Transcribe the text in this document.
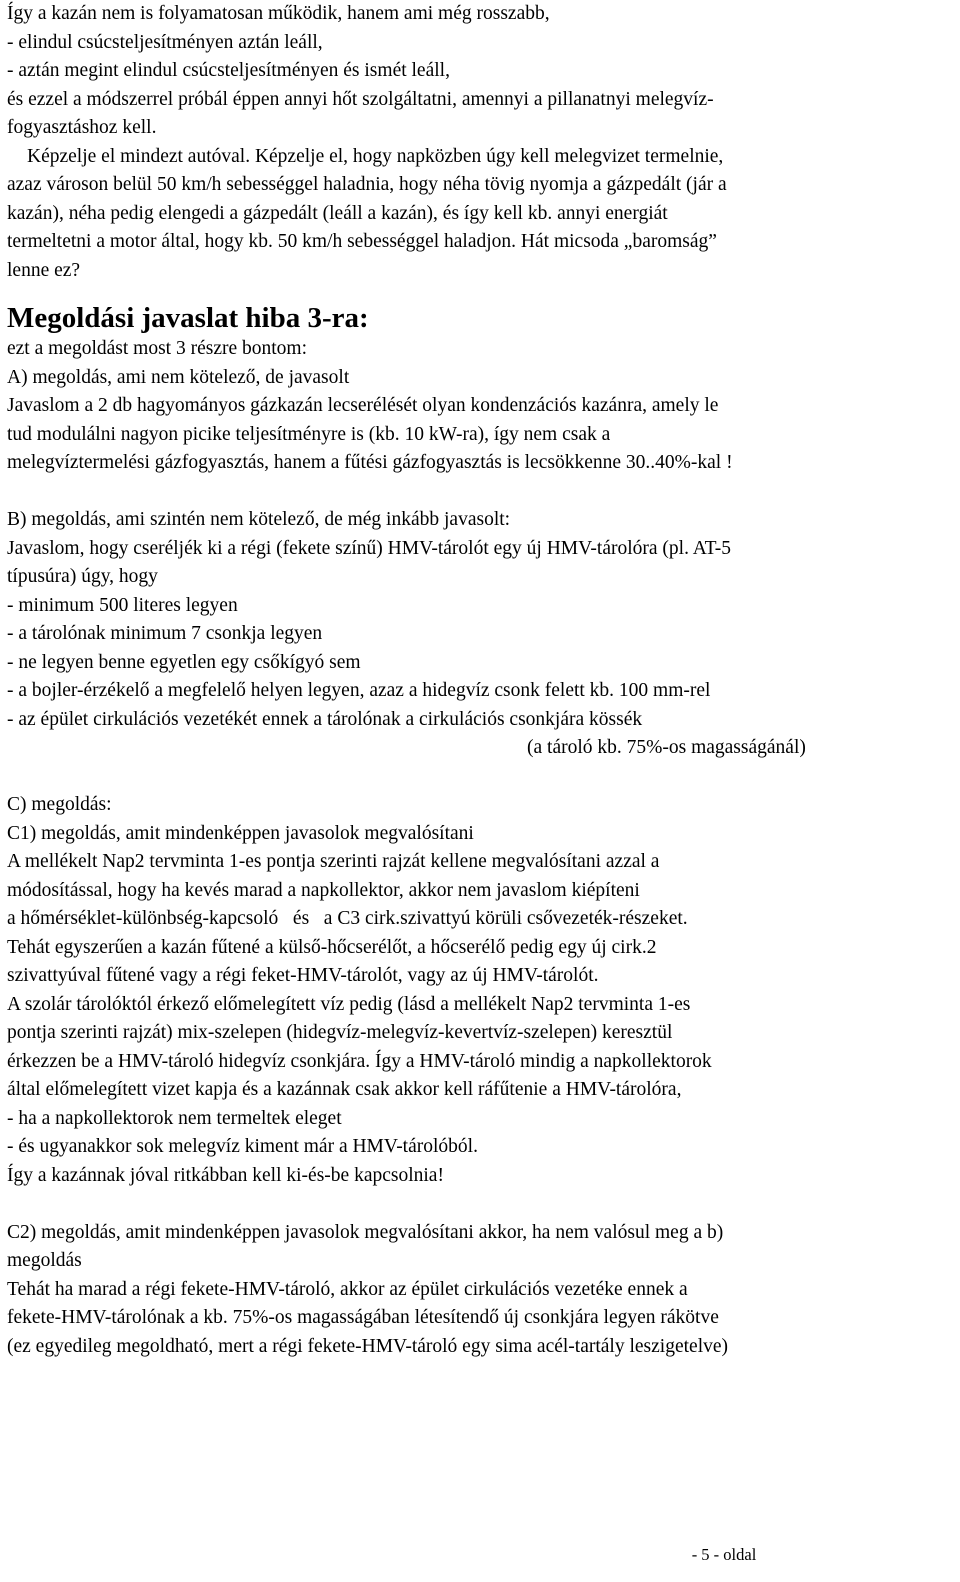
Így a kazán nem is folyamatosan működik, hanem ami még rosszabb,
- elindul csúcsteljesítményen aztán leáll,
- aztán megint elindul csúcsteljesítményen és ismét leáll,
és ezzel a módszerrel próbál éppen annyi hőt szolgáltatni, amennyi a pillanatnyi melegvíz-
fogyasztáshoz kell.
Képzelje el mindezt autóval. Képzelje el, hogy napközben úgy kell melegvizet termelnie,
azaz városon belül 50 km/h sebességgel haladnia, hogy néha tövig nyomja a gázpedált (jár a
kazán), néha pedig elengedi a gázpedált (leáll a kazán), és így kell kb. annyi energiát
termeltetni a motor által, hogy kb. 50 km/h sebességgel haladjon. Hát micsoda „baromság”
lenne ez?
Megoldási javaslat hiba 3-ra:
ezt a megoldást most 3 részre bontom:
A) megoldás, ami nem kötelező, de javasolt
Javaslom a 2 db hagyományos gázkazán lecserélését olyan kondenzációs kazánra, amely le
tud modulálni nagyon picike teljesítményre is (kb. 10 kW-ra), így nem csak a
melegvíztermelési gázfogyasztás, hanem a fűtési gázfogyasztás is lecsökkenne 30..40%-kal !
B) megoldás, ami szintén nem kötelező, de még inkább javasolt:
Javaslom, hogy cseréljék ki a régi (fekete színű) HMV-tárolót egy új HMV-tárolóra (pl. AT-5
típusúra) úgy, hogy
- minimum 500 literes legyen
- a tárolónak minimum 7 csonkja legyen
- ne legyen benne egyetlen egy csőkígyó sem
- a bojler-érzékelő a megfelelő helyen legyen, azaz a hidegvíz csonk felett kb. 100 mm-rel
- az épület cirkulációs vezetékét ennek a tárolónak a cirkulációs csonkjára kössék
(a tároló kb. 75%-os magasságánál)
C) megoldás:
C1) megoldás, amit mindenképpen javasolok megvalósítani
A mellékelt Nap2 tervminta 1-es pontja szerinti rajzát kellene megvalósítani azzal a
módosítással, hogy ha kevés marad a napkollektor, akkor nem javaslom kiépíteni
a hőmérséklet-különbség-kapcsoló   és   a C3 cirk.szivattyú körüli csővezeték-részeket.
Tehát egyszerűen a kazán fűtené a külső-hőcserélőt, a hőcserélő pedig egy új cirk.2
szivattyúval fűtené vagy a régi feket-HMV-tárolót, vagy az új HMV-tárolót.
A szolár tárolóktól érkező előmelegített víz pedig (lásd a mellékelt Nap2 tervminta 1-es
pontja szerinti rajzát) mix-szelepen (hidegvíz-melegvíz-kevertvíz-szelepen) keresztül
érkezzen be a HMV-tároló hidegvíz csonkjára. Így a HMV-tároló mindig a napkollektorok
által előmelegített vizet kapja és a kazánnak csak akkor kell ráfűtenie a HMV-tárolóra,
- ha a napkollektorok nem termeltek eleget
- és ugyanakkor sok melegvíz kiment már a HMV-tárolóból.
Így a kazánnak jóval ritkábban kell ki-és-be kapcsolnia!
C2) megoldás, amit mindenképpen javasolok megvalósítani akkor, ha nem valósul meg a b)
megoldás
Tehát ha marad a régi fekete-HMV-tároló, akkor az épület cirkulációs vezetéke ennek a
fekete-HMV-tárolónak a kb. 75%-os magasságában létesítendő új csonkjára legyen rákötve
(ez egyedileg megoldható, mert a régi fekete-HMV-tároló egy sima acél-tartály leszigetelve)
- 5 - oldal
